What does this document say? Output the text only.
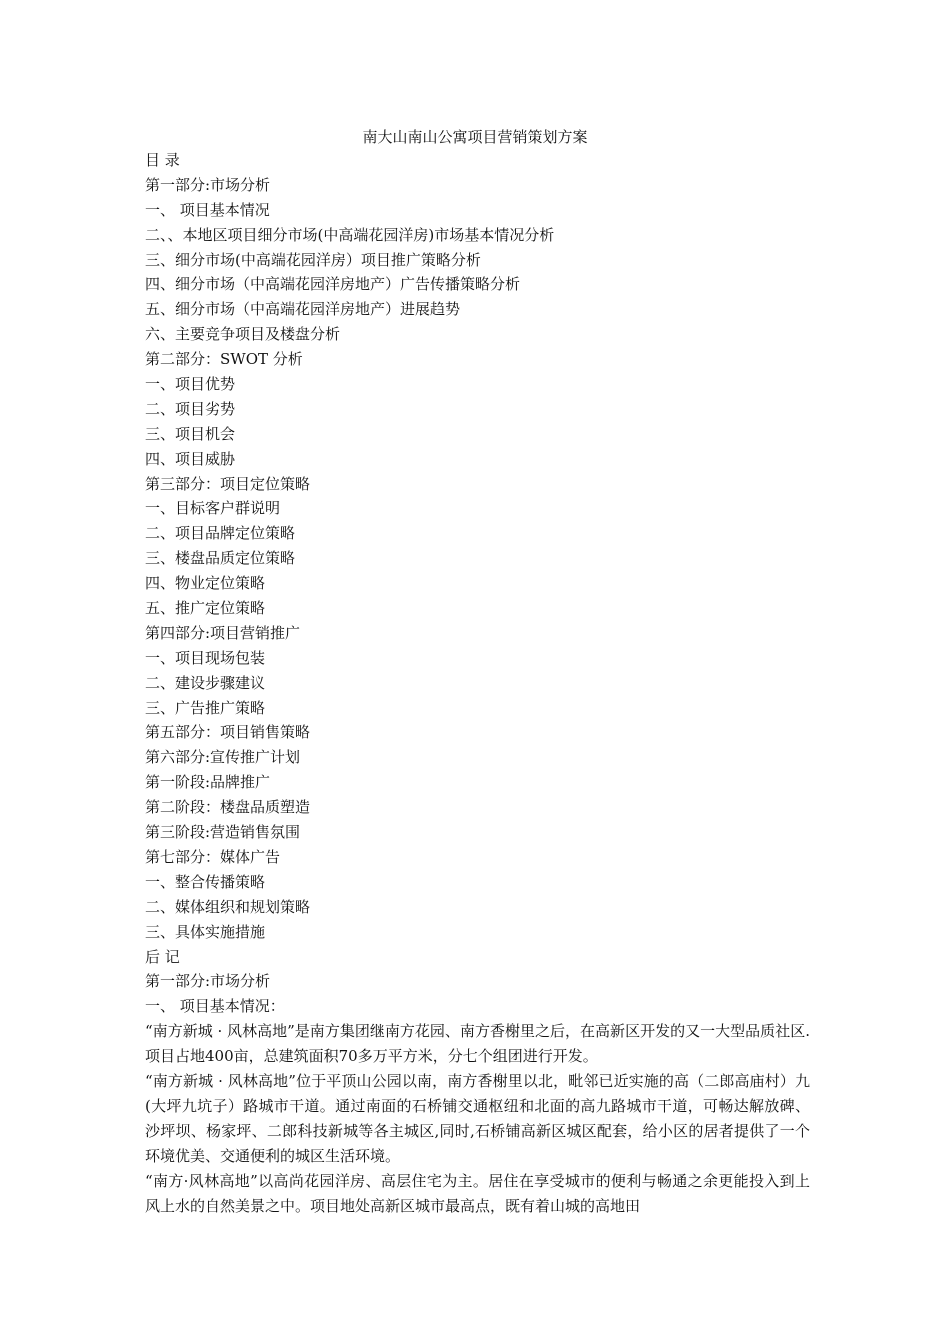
南大山南山公寓项目营销策划方案
目 录
第一部分:市场分析
一、 项目基本情况
二、、本地区项目细分市场(中高端花园洋房)市场基本情况分析
三、细分市场(中高端花园洋房）项目推广策略分析
四、细分市场（中高端花园洋房地产）广告传播策略分析
五、细分市场（中高端花园洋房地产）进展趋势
六、主要竞争项目及楼盘分析
第二部分：SWOT 分析
一、项目优势
二、项目劣势
三、项目机会
四、项目威胁
第三部分：项目定位策略
一、目标客户群说明
二、项目品牌定位策略
三、楼盘品质定位策略
四、物业定位策略
五、推广定位策略
第四部分:项目营销推广
一、项目现场包装
二、建设步骤建议
三、广告推广策略
第五部分：项目销售策略
第六部分:宣传推广计划
第一阶段:品牌推广
第二阶段：楼盘品质塑造
第三阶段:营造销售氛围
第七部分：媒体广告
一、整合传播策略
二、媒体组织和规划策略
三、具体实施措施
后 记
第一部分:市场分析
一、 项目基本情况：

“南方新城 · 风林高地”是南方集团继南方花园、南方香榭里之后，在高新区开发的又一大型品质社区.项目占地400亩，总建筑面积70多万平方米，分七个组团进行开发。

“南方新城 · 风林高地”位于平顶山公园以南，南方香榭里以北，毗邻已近实施的高（二郎高庙村）九(大坪九坑子）路城市干道。通过南面的石桥铺交通枢纽和北面的高九路城市干道，可畅达解放碑、沙坪坝、杨家坪、二郎科技新城等各主城区,同时,石桥铺高新区城区配套，给小区的居者提供了一个环境优美、交通便利的城区生活环境。

“南方·风林高地”以高尚花园洋房、高层住宅为主。居住在享受城市的便利与畅通之余更能投入到上风上水的自然美景之中。项目地处高新区城市最高点，既有着山城的高地田
